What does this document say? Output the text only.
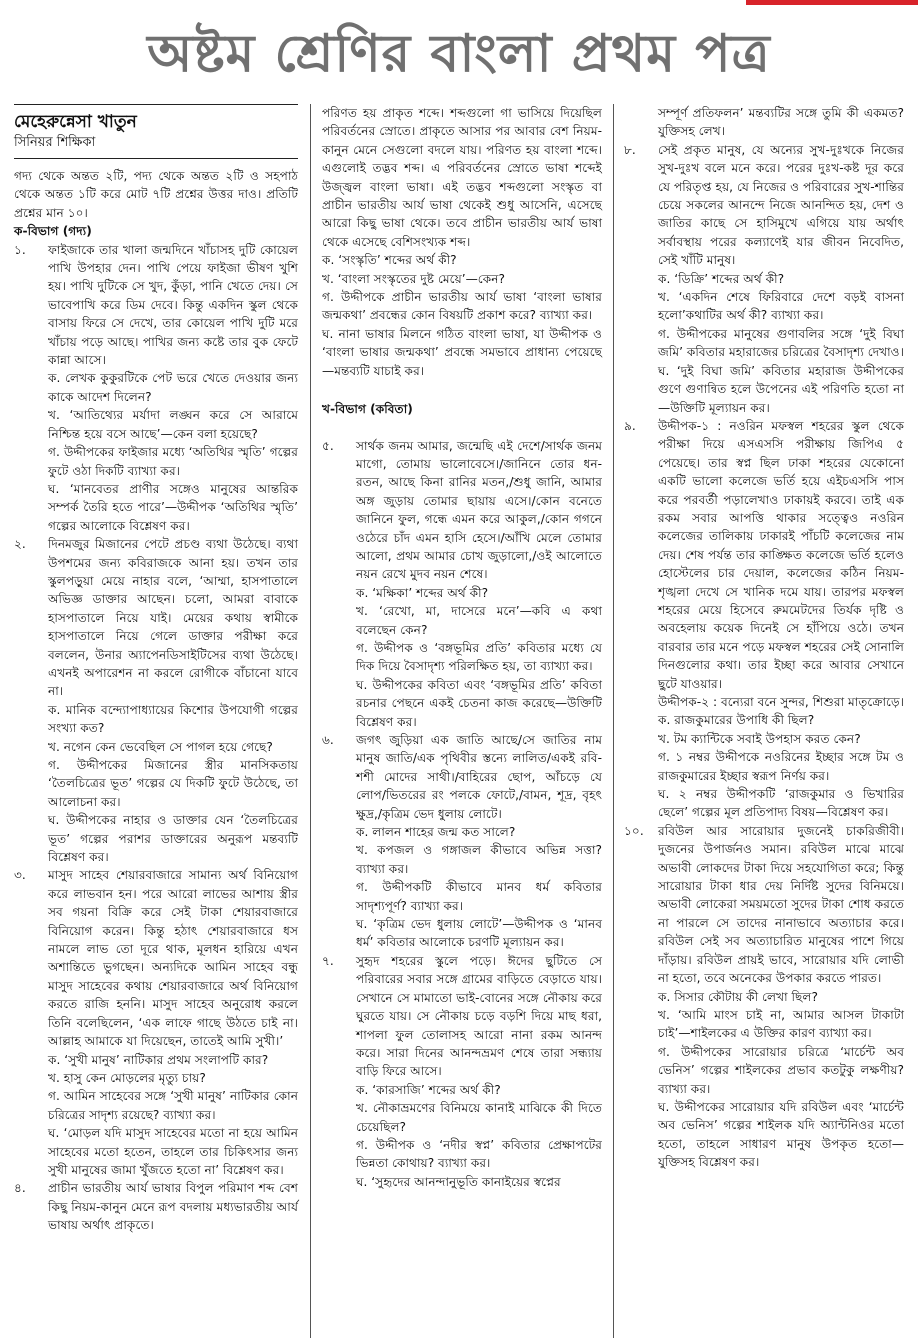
অষ্টম শ্রেণির বাংলা প্রথম পত্র
মেহেরুন্নেসা খাতুন
সিনিয়র শিক্ষিকা
গদ্য থেকে অন্তত ২টি, পদ্য থেকে অন্তত ২টি ও সহপাঠ থেকে অন্তত ১টি করে মোট ৭টি প্রশ্নের উত্তর দাও। প্রতিটি প্রশ্নের মান ১০।
ক-বিভাগ (গদ্য)
১.	ফাইজাকে তার খালা জন্মদিনে খাঁচাসহ দুটি কোয়েল পাখি উপহার দেন। পাখি পেয়ে ফাইজা ভীষণ খুশি হয়। পাখি দুটিকে সে খুদ, কুঁড়া, পানি খেতে দেয়। সে ভাবেপাখি করে ডিম দেবে। কিন্তু একদিন স্কুল থেকে বাসায় ফিরে সে দেখে, তার কোয়েল পাখি দুটি মরে খাঁচায় পড়ে আছে। পাখির জন্য কষ্টে তার বুক ফেটে কান্না আসে।
ক. লেখক কুকুরটিকে পেট ভরে খেতে দেওয়ার জন্য কাকে আদেশ দিলেন?
খ. ‘আতিথ্যের মর্যাদা লঙ্ঘন করে সে আরামে নিশ্চিন্ত হয়ে বসে আছে’—কেন বলা হয়েছে?
গ. উদ্দীপকের ফাইজার মধ্যে ‘অতিথির স্মৃতি’ গল্পের ফুটে ওঠা দিকটি ব্যাখ্যা কর।
ঘ. ‘মানবেতর প্রাণীর সঙ্গেও মানুষের আন্তরিক সম্পর্ক তৈরি হতে পারে’—উদ্দীপক ‘অতিথির স্মৃতি’ গল্পের আলোকে বিশ্লেষণ কর।
২.	দিনমজুর মিজানের পেটে প্রচণ্ড ব্যথা উঠেছে। ব্যথা উপশমের জন্য কবিরাজকে আনা হয়। তখন তার স্কুলপড়ুয়া মেয়ে নাহার বলে, ‘আম্মা, হাসপাতালে অভিজ্ঞ ডাক্তার আছেন। চলো, আমরা বাবাকে হাসপাতালে নিয়ে যাই। মেয়ের কথায় স্বামীকে হাসপাতালে নিয়ে গেলে ডাক্তার পরীক্ষা করে বললেন, উনার অ্যাপেনডিসাইটিসের ব্যথা উঠেছে। এখনই অপারেশন না করলে রোগীকে বাঁচানো যাবে না।
ক. মানিক বন্দ্যোপাধ্যায়ের কিশোর উপযোগী গল্পের সংখ্যা কত?
খ. নগেন কেন ভেবেছিল সে পাগল হয়ে গেছে?
গ. উদ্দীপকের মিজানের স্ত্রীর মানসিকতায় ‘তৈলচিত্রের ভূত’ গল্পের যে দিকটি ফুটে উঠেছে, তা আলোচনা কর।
ঘ. উদ্দীপকের নাহার ও ডাক্তার যেন ‘তৈলচিত্রের ভূত’ গল্পের পরাশর ডাক্তারের অনুরূপ মন্তব্যটি বিশ্লেষণ কর।
৩.	মাসুদ সাহেব শেয়ারবাজারে সামান্য অর্থ বিনিয়োগ করে লাভবান হন। পরে আরো লাভের আশায় স্ত্রীর সব গয়না বিক্রি করে সেই টাকা শেয়ারবাজারে বিনিয়োগ করেন। কিন্তু হঠাৎ শেয়ারবাজারে ধস নামলে লাভ তো দূরে থাক, মূলধন হারিয়ে এখন অশান্তিতে ভুগছেন। অন্যদিকে আমিন সাহেব বন্ধু মাসুদ সাহেবের কথায় শেয়ারবাজারে অর্থ বিনিয়োগ করতে রাজি হননি। মাসুদ সাহেব অনুরোধ করলে তিনি বলেছিলেন, ‘এক লাফে গাছে উঠতে চাই না। আল্লাহ আমাকে যা দিয়েছেন, তাতেই আমি সুখী।’
ক. ‘সুখী মানুষ’ নাটিকার প্রথম সংলাপটি কার?
খ. হাসু কেন মোড়লের মৃত্যু চায়?
গ. আমিন সাহেবের সঙ্গে ‘সুখী মানুষ’ নাটিকার কোন চরিত্রের সাদৃশ্য রয়েছে? ব্যাখ্যা কর।
ঘ. ‘মোড়ল যদি মাসুদ সাহেবের মতো না হয়ে আমিন সাহেবের মতো হতেন, তাহলে তার চিকিৎসার জন্য সুখী মানুষের জামা খুঁজতে হতো না’ বিশ্লেষণ কর।
৪.	প্রাচীন ভারতীয় আর্য ভাষার বিপুল পরিমাণ শব্দ বেশ কিছু নিয়ম-কানুন মেনে রূপ বদলায় মধ্যভারতীয় আর্য ভাষায় অর্থাৎ প্রাকৃতে।
পরিণত হয় প্রাকৃত শব্দে। শব্দগুলো গা ভাসিয়ে দিয়েছিল পরিবর্তনের স্রোতে। প্রাকৃতে আসার পর আবার বেশ নিয়ম-কানুন মেনে সেগুলো বদলে যায়। পরিণত হয় বাংলা শব্দে। এগুলোই তদ্ভব শব্দ। এ পরিবর্তনের স্রোতে ভাষা শব্দেই উজ্জ্বল বাংলা ভাষা। এই তদ্ভব শব্দগুলো সংস্কৃত বা প্রাচীন ভারতীয় আর্য ভাষা থেকেই শুধু আসেনি, এসেছে আরো কিছু ভাষা থেকে। তবে প্রাচীন ভারতীয় আর্য ভাষা থেকে এসেছে বেশিসংখ্যক শব্দ।
ক. ‘সংস্কৃতি’ শব্দের অর্থ কী?
খ. ‘বাংলা সংস্কৃতের দুষ্ট মেয়ে’—কেন?
গ. উদ্দীপকে প্রাচীন ভারতীয় আর্য ভাষা ‘বাংলা ভাষার জন্মকথা’ প্রবন্ধের কোন বিষয়টি প্রকাশ করে? ব্যাখ্যা কর।
ঘ. নানা ভাষার মিলনে গঠিত বাংলা ভাষা, যা উদ্দীপক ও ‘বাংলা ভাষার জন্মকথা’ প্রবন্ধে সমভাবে প্রাধান্য পেয়েছে—মন্তব্যটি যাচাই কর।
খ-বিভাগ (কবিতা)
৫.	সার্থক জনম আমার, জন্মেছি এই দেশে/সার্থক জনম মাগো, তোমায় ভালোবেসে।/জানিনে তোর ধন-রতন, আছে কিনা রানির মতন,/শুধু জানি, আমার অঙ্গ জুড়ায় তোমার ছায়ায় এসে।/কোন বনেতে জানিনে ফুল, গন্ধে এমন করে আকুল,/কোন গগনে ওঠেরে চাঁদ এমন হাসি হেসে।/আঁখি মেলে তোমার আলো, প্রথম আমার চোখ জুড়ালো,/ওই আলোতে নয়ন রেখে মুদব নয়ন শেষে।
ক. ‘মক্ষিকা’ শব্দের অর্থ কী?
খ. ‘রেখো, মা, দাসেরে মনে’—কবি এ কথা বলেছেন কেন?
গ. উদ্দীপক ও ‘বঙ্গভূমির প্রতি’ কবিতার মধ্যে যে দিক দিয়ে বৈসাদৃশ্য পরিলক্ষিত হয়, তা ব্যাখ্যা কর।
ঘ. উদ্দীপকের কবিতা এবং ‘বঙ্গভূমির প্রতি’ কবিতা রচনার পেছনে একই চেতনা কাজ করেছে—উক্তিটি বিশ্লেষণ কর।
৬.	জগৎ জুড়িয়া এক জাতি আছে/সে জাতির নাম মানুষ জাতি/এক পৃথিবীর স্তন্যে লালিত/একই রবি-শশী মোদের সাথী।/বাহিরের ছোপ, আঁচড়ে যে লোপ/ভিতরের রং পলকে ফোটে,/বামন, শূদ্র, বৃহৎ ক্ষুদ্র,/কৃত্রিম ভেদ ধুলায় লোটে।
ক. লালন শাহের জন্ম কত সালে?
খ. কপজল ও গঙ্গাজল কীভাবে অভিন্ন সত্তা? ব্যাখ্যা কর।
গ. উদ্দীপকটি কীভাবে মানব ধর্ম কবিতার সাদৃশ্যপূর্ণ? ব্যাখ্যা কর।
ঘ. ‘কৃত্রিম ভেদ ধুলায় লোটে’—উদ্দীপক ও ‘মানব ধর্ম’ কবিতার আলোকে চরণটি মূল্যায়ন কর।
৭.	সুহৃদ শহরের স্কুলে পড়ে। ঈদের ছুটিতে সে পরিবারের সবার সঙ্গে গ্রামের বাড়িতে বেড়াতে যায়। সেখানে সে মামাতো ভাই-বোনের সঙ্গে নৌকায় করে ঘুরতে যায়। সে নৌকায় চড়ে বড়শি দিয়ে মাছ ধরা, শাপলা ফুল তোলাসহ আরো নানা রকম আনন্দ করে। সারা দিনের আনন্দভ্রমণ শেষে তারা সন্ধ্যায় বাড়ি ফিরে আসে।
ক. ‘কারসাজি’ শব্দের অর্থ কী?
খ. নৌকাভ্রমণের বিনিময়ে কানাই মাঝিকে কী দিতে চেয়েছিল?
গ. উদ্দীপক ও ‘নদীর স্বপ্ন’ কবিতার প্রেক্ষাপটের ভিন্নতা কোথায়? ব্যাখ্যা কর।
ঘ. ‘সুহৃদের আনন্দানুভূতি কানাইয়ের স্বপ্নের
সম্পূর্ণ প্রতিফলন’ মন্তব্যটির সঙ্গে তুমি কী একমত? যুক্তিসহ লেখ।
৮.	সেই প্রকৃত মানুষ, যে অন্যের সুখ-দুঃখকে নিজের সুখ-দুঃখ বলে মনে করে। পরের দুঃখ-কষ্ট দূর করে যে পরিতৃপ্ত হয়, যে নিজের ও পরিবারের সুখ-শান্তির চেয়ে সকলের আনন্দে নিজে আনন্দিত হয়, দেশ ও জাতির কাছে সে হাসিমুখে এগিয়ে যায় অর্থাৎ সর্বাবস্থায় পরের কল্যাণেই যার জীবন নিবেদিত, সেই খাঁটি মানুষ।
ক. ‘ডিক্রি’ শব্দের অর্থ কী?
খ. ‘একদিন শেষে ফিরিবারে দেশে বড়ই বাসনা হলো’কথাটির অর্থ কী? ব্যাখ্যা কর।
গ. উদ্দীপকের মানুষের গুণাবলির সঙ্গে ‘দুই বিঘা জমি’ কবিতার মহারাজের চরিত্রের বৈসাদৃশ্য দেখাও।
ঘ. ‘দুই বিঘা জমি’ কবিতার মহারাজ উদ্দীপকের গুণে গুণান্বিত হলে উপেনের এই পরিণতি হতো না—উক্তিটি মূল্যায়ন কর।
৯.	উদ্দীপক-১ : নওরিন মফস্বল শহরের স্কুল থেকে পরীক্ষা দিয়ে এসএসসি পরীক্ষায় জিপিএ ৫ পেয়েছে। তার স্বপ্ন ছিল ঢাকা শহরের যেকোনো একটি ভালো কলেজে ভর্তি হয়ে এইচএসসি পাস করে পরবর্তী পড়ালেখাও ঢাকায়ই করবে। তাই এক রকম সবার আপত্তি থাকার সত্ত্বেও নওরিন কলেজের তালিকায় ঢাকারই পাঁচটি কলেজের নাম দেয়। শেষ পর্যন্ত তার কাঙ্ক্ষিত কলেজে ভর্তি হলেও হোস্টেলের চার দেয়াল, কলেজের কঠিন নিয়ম-শৃঙ্খলা দেখে সে খানিক দমে যায়। তারপর মফস্বল শহরের মেয়ে হিসেবে রুমমেটদের তির্যক দৃষ্টি ও অবহেলায় কয়েক দিনেই সে হাঁপিয়ে ওঠে। তখন বারবার তার মনে পড়ে মফস্বল শহরের সেই সোনালি দিনগুলোর কথা। তার ইচ্ছা করে আবার সেখানে ছুটে যাওয়ার।
উদ্দীপক-২ : বন্যেরা বনে সুন্দর, শিশুরা মাতৃক্রোড়ে।
ক. রাজকুমারের উপাধি কী ছিল?
খ. টম ক্যান্টিকে সবাই উপহাস করত কেন?
গ. ১ নম্বর উদ্দীপকে নওরিনের ইচ্ছার সঙ্গে টম ও রাজকুমারের ইচ্ছার স্বরূপ নির্ণয় কর।
ঘ. ২ নম্বর উদ্দীপকটি ‘রাজকুমার ও ভিখারির ছেলে’ গল্পের মূল প্রতিপাদ্য বিষয়—বিশ্লেষণ কর।
১০.	রবিউল আর সারোয়ার দুজনেই চাকরিজীবী। দুজনের উপার্জনও সমান। রবিউল মাঝে মাঝে অভাবী লোকদের টাকা দিয়ে সহযোগিতা করে; কিন্তু সারোয়ার টাকা ধার দেয় নির্দিষ্ট সুদের বিনিময়ে। অভাবী লোকেরা সময়মতো সুদের টাকা শোধ করতে না পারলে সে তাদের নানাভাবে অত্যাচার করে। রবিউল সেই সব অত্যাচারিত মানুষের পাশে গিয়ে দাঁড়ায়। রবিউল প্রায়ই ভাবে, সারোয়ার যদি লোভী না হতো, তবে অনেকের উপকার করতে পারত।
ক. সিসার কৌটায় কী লেখা ছিল?
খ. ‘আমি মাংস চাই না, আমার আসল টাকাটা চাই’—শাইলকের এ উক্তির কারণ ব্যাখ্যা কর।
গ. উদ্দীপকের সারোয়ার চরিত্রে ‘মার্চেন্ট অব ভেনিস’ গল্পের শাইলকের প্রভাব কতটুকু লক্ষণীয়? ব্যাখ্যা কর।
ঘ. উদ্দীপকের সারোয়ার যদি রবিউল এবং ‘মার্চেন্ট অব ভেনিস’ গল্পের শাইলক যদি অ্যান্টনিওর মতো হতো, তাহলে সাধারণ মানুষ উপকৃত হতো—যুক্তিসহ বিশ্লেষণ কর।
